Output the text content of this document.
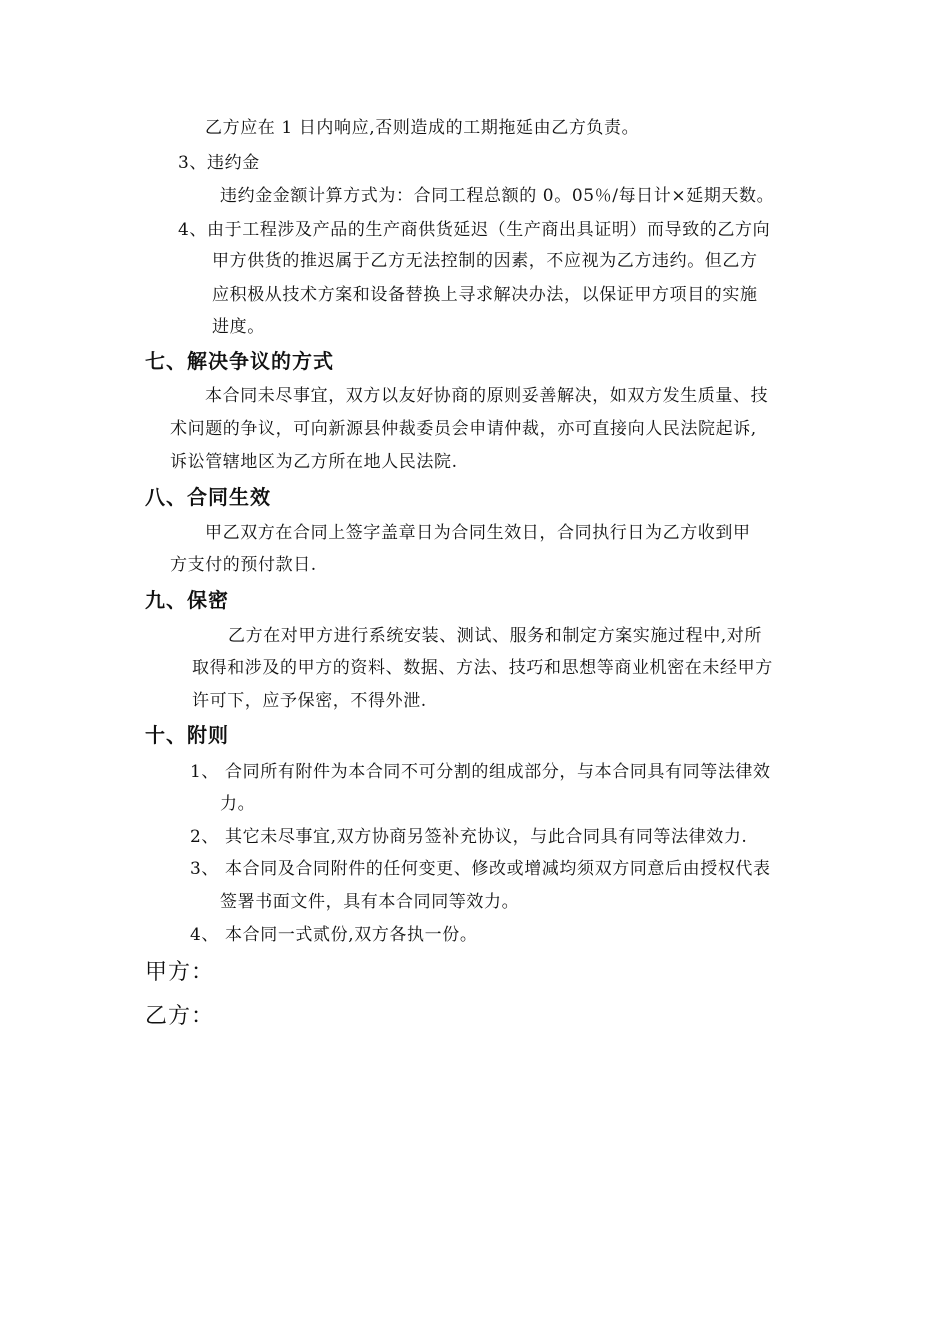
乙方应在 1 日内响应,否则造成的工期拖延由乙方负责。
3、违约金
违约金金额计算方式为：合同工程总额的 0。05％/每日计×延期天数。
4、由于工程涉及产品的生产商供货延迟（生产商出具证明）而导致的乙方向
甲方供货的推迟属于乙方无法控制的因素，不应视为乙方违约。但乙方
应积极从技术方案和设备替换上寻求解决办法，以保证甲方项目的实施
进度。
七、解决争议的方式
本合同未尽事宜，双方以友好协商的原则妥善解决，如双方发生质量、技
术问题的争议，可向新源县仲裁委员会申请仲裁，亦可直接向人民法院起诉,
诉讼管辖地区为乙方所在地人民法院.
八、合同生效
甲乙双方在合同上签字盖章日为合同生效日，合同执行日为乙方收到甲
方支付的预付款日.
九、保密
乙方在对甲方进行系统安装、测试、服务和制定方案实施过程中,对所
取得和涉及的甲方的资料、数据、方法、技巧和思想等商业机密在未经甲方
许可下，应予保密，不得外泄.
十、附则
1、 合同所有附件为本合同不可分割的组成部分，与本合同具有同等法律效
力。
2、 其它未尽事宜,双方协商另签补充协议，与此合同具有同等法律效力.
3、 本合同及合同附件的任何变更、修改或增减均须双方同意后由授权代表
签署书面文件，具有本合同同等效力。
4、 本合同一式贰份,双方各执一份。
甲方：
乙方：
